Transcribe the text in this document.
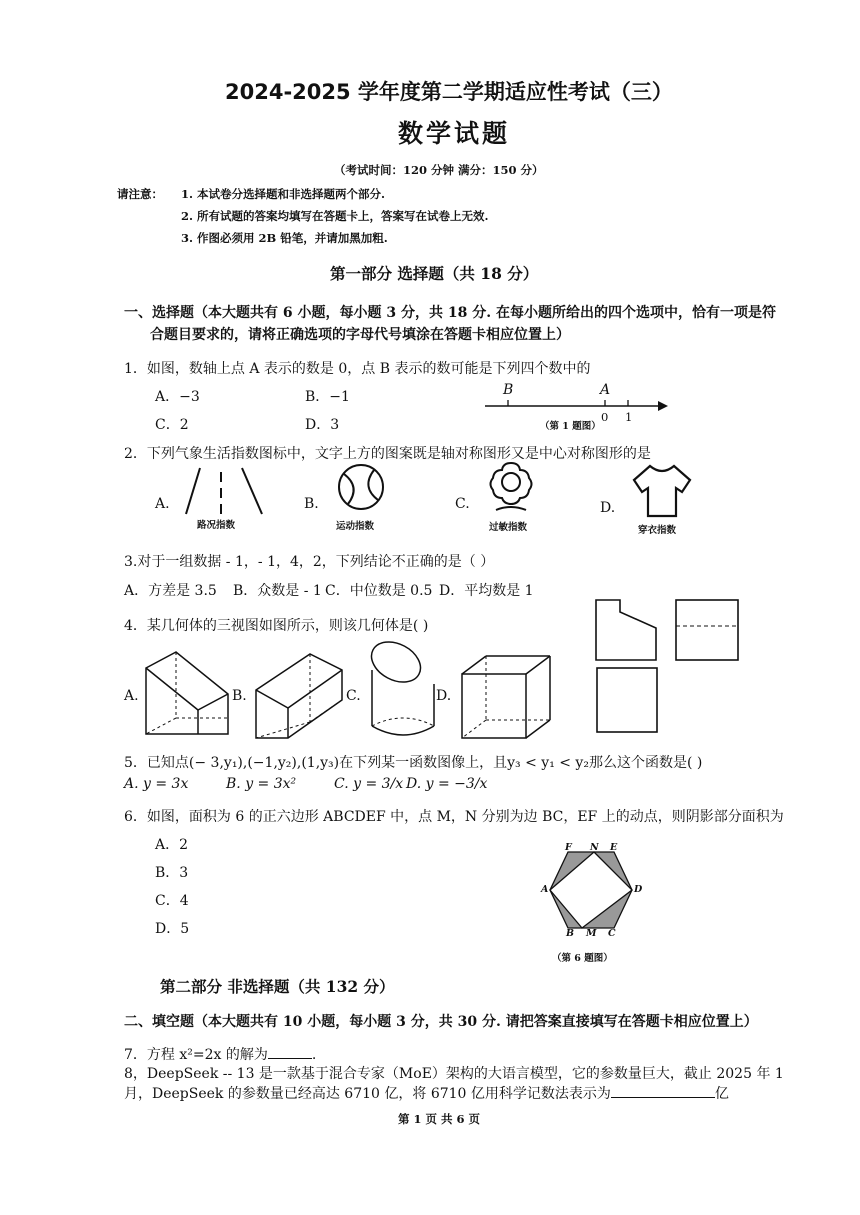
2024-2025 学年度第二学期适应性考试（三）
数学试题
（考试时间：120 分钟 满分：150 分）
请注意： 1. 本试卷分选择题和非选择题两个部分.
2. 所有试题的答案均填写在答题卡上，答案写在试卷上无效.
3. 作图必须用 2B 铅笔，并请加黑加粗.
第一部分 选择题（共 18 分）
一、选择题（本大题共有 6 小题，每小题 3 分，共 18 分. 在每小题所给出的四个选项中，恰有一项是符
合题目要求的，请将正确选项的字母代号填涂在答题卡相应位置上）
1．如图，数轴上点 A 表示的数是 0，点 B 表示的数可能是下列四个数中的
A．−3	B．−1
C．2	D．3
B	A
0 1
（第 1 题图）
2．下列气象生活指数图标中，文字上方的图案既是轴对称图形又是中心对称图形的是
A.
路况指数
B.
运动指数
C.
过敏指数
D.
穿衣指数
3.对于一组数据 - 1，- 1，4，2，下列结论不正确的是（ ）
A．方差是 3.5 B．众数是 - 1 C．中位数是 0.5 D．平均数是 1
4．某几何体的三视图如图所示，则该几何体是( )
A.	B.	C.	D.
5．已知点(− 3,y₁),(−1,y₂),(1,y₃)在下列某一函数图像上，且y₃ < y₁ < y₂那么这个函数是( )
A. y = 3x	B. y = 3x²	C. y = 3/x D. y = −3/x
6．如图，面积为 6 的正六边形 ABCDEF 中，点 M，N 分别为边 BC，EF 上的动点，则阴影部分面积为
A．2
B．3
C．4
D．5
F N E
A	D
B M C
（第 6 题图）
第二部分 非选择题（共 132 分）
二、填空题（本大题共有 10 小题，每小题 3 分，共 30 分. 请把答案直接填写在答题卡相应位置上）
7．方程 x²=2x 的解为	.
8，DeepSeek -- 13 是一款基于混合专家（MoE）架构的大语言模型，它的参数量巨大，截止 2025 年 1
月，DeepSeek 的参数量已经高达 6710 亿，将 6710 亿用科学记数法表示为	亿
第 1 页 共 6 页
